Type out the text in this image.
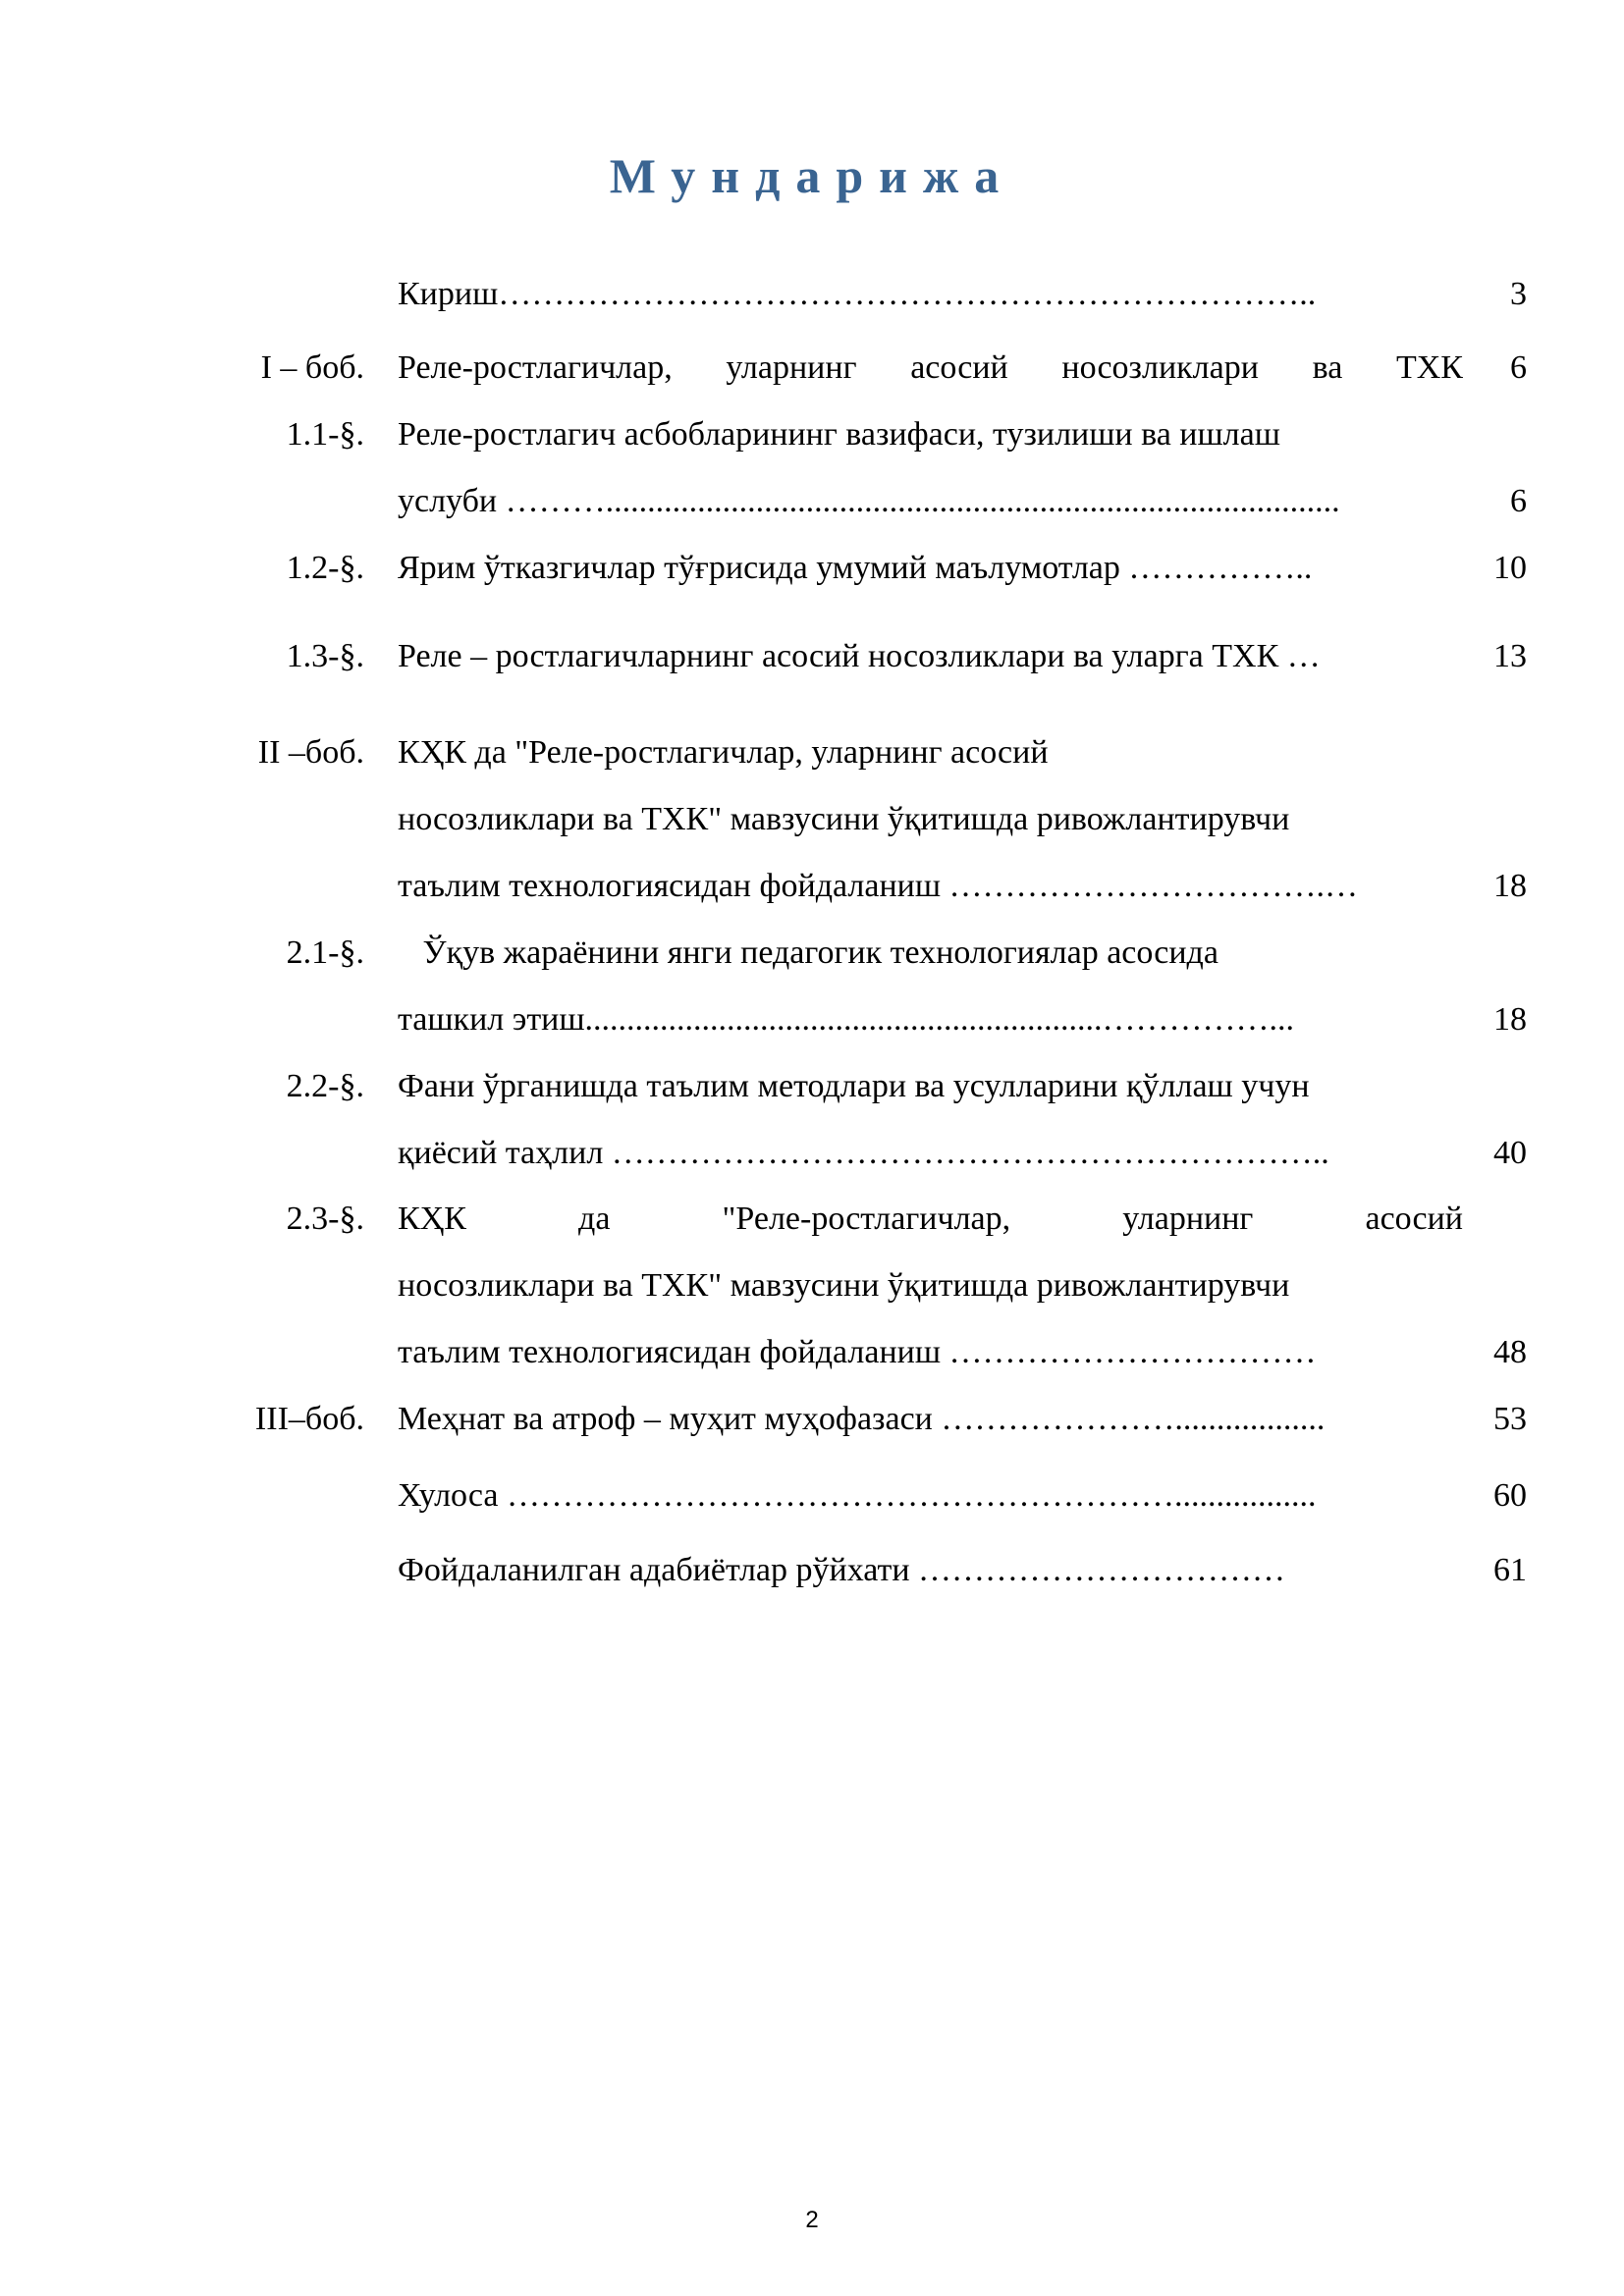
Мундарижа
Кириш………………………………………………………………..	3
I – боб. Реле-ростлагичлар, уларнинг асосий носозликлари ва ТХК 6
1.1-§. Реле-ростлагич асбобларининг вазифаси, тузилиши ва ишлаш
услуби ………........................................................................................	6
1.2-§. Ярим ўтказгичлар тўғрисида умумий маълумотлар ……………..	10
1.3-§. Реле – ростлагичларнинг асосий носозликлари ва уларга ТХК …	13
II –боб. КҲК да "Реле-ростлагичлар, уларнинг асосий
носозликлари ва ТХК" мавзусини ўқитишда ривожлантирувчи
таълим технологиясидан фойдаланиш …………………………….…	18
2.1-§. Ўқув жараёнини янги педагогик технологиялар асосида
ташкил этиш..............................................................……………...	18
2.2-§. Фани ўрганишда таълим методлари ва усулларини қўллаш учун
қиёсий таҳлил ………………………………………………………..	40
2.3-§. КҲК да "Реле-ростлагичлар, уларнинг асосий
носозликлари ва ТХК" мавзусини ўқитишда ривожлантирувчи
таълим технологиясидан фойдаланиш ……………………………	48
III–боб. Меҳнат ва атроф – муҳит муҳофазаси …………………..................	53
Хулоса …………………………………………………….................	60
Фойдаланилган адабиётлар рўйхати ……………………………	61
2
